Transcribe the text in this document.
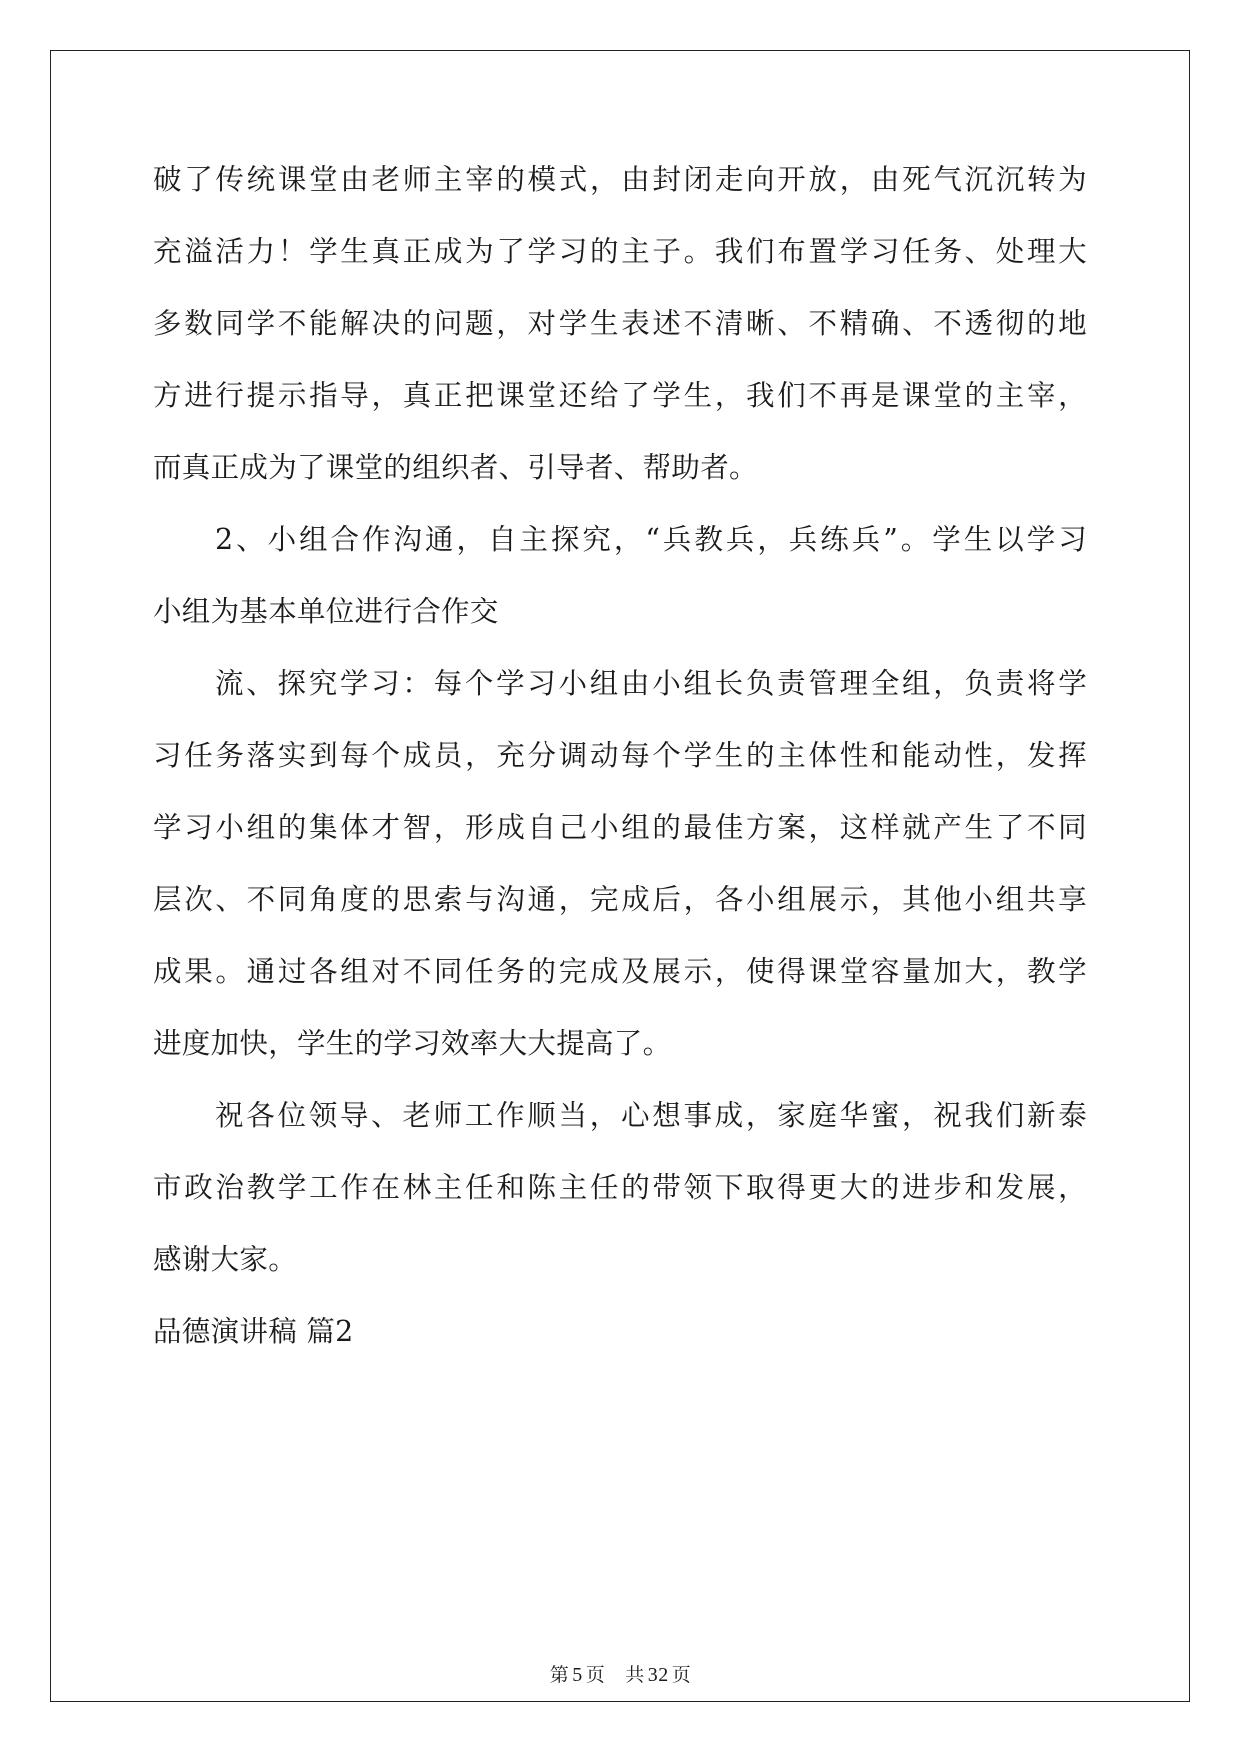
破了传统课堂由老师主宰的模式，由封闭走向开放，由死气沉沉转为
充溢活力！学生真正成为了学习的主子。我们布置学习任务、处理大
多数同学不能解决的问题，对学生表述不清晰、不精确、不透彻的地
方进行提示指导，真正把课堂还给了学生，我们不再是课堂的主宰，
而真正成为了课堂的组织者、引导者、帮助者。
2、小组合作沟通，自主探究，“兵教兵，兵练兵”。学生以学习
小组为基本单位进行合作交
流、探究学习：每个学习小组由小组长负责管理全组，负责将学
习任务落实到每个成员，充分调动每个学生的主体性和能动性，发挥
学习小组的集体才智，形成自己小组的最佳方案，这样就产生了不同
层次、不同角度的思索与沟通，完成后，各小组展示，其他小组共享
成果。通过各组对不同任务的完成及展示，使得课堂容量加大，教学
进度加快，学生的学习效率大大提高了。
祝各位领导、老师工作顺当，心想事成，家庭华蜜，祝我们新泰
市政治教学工作在林主任和陈主任的带领下取得更大的进步和发展，
感谢大家。
品德演讲稿 篇2
第 5 页 共 32 页
